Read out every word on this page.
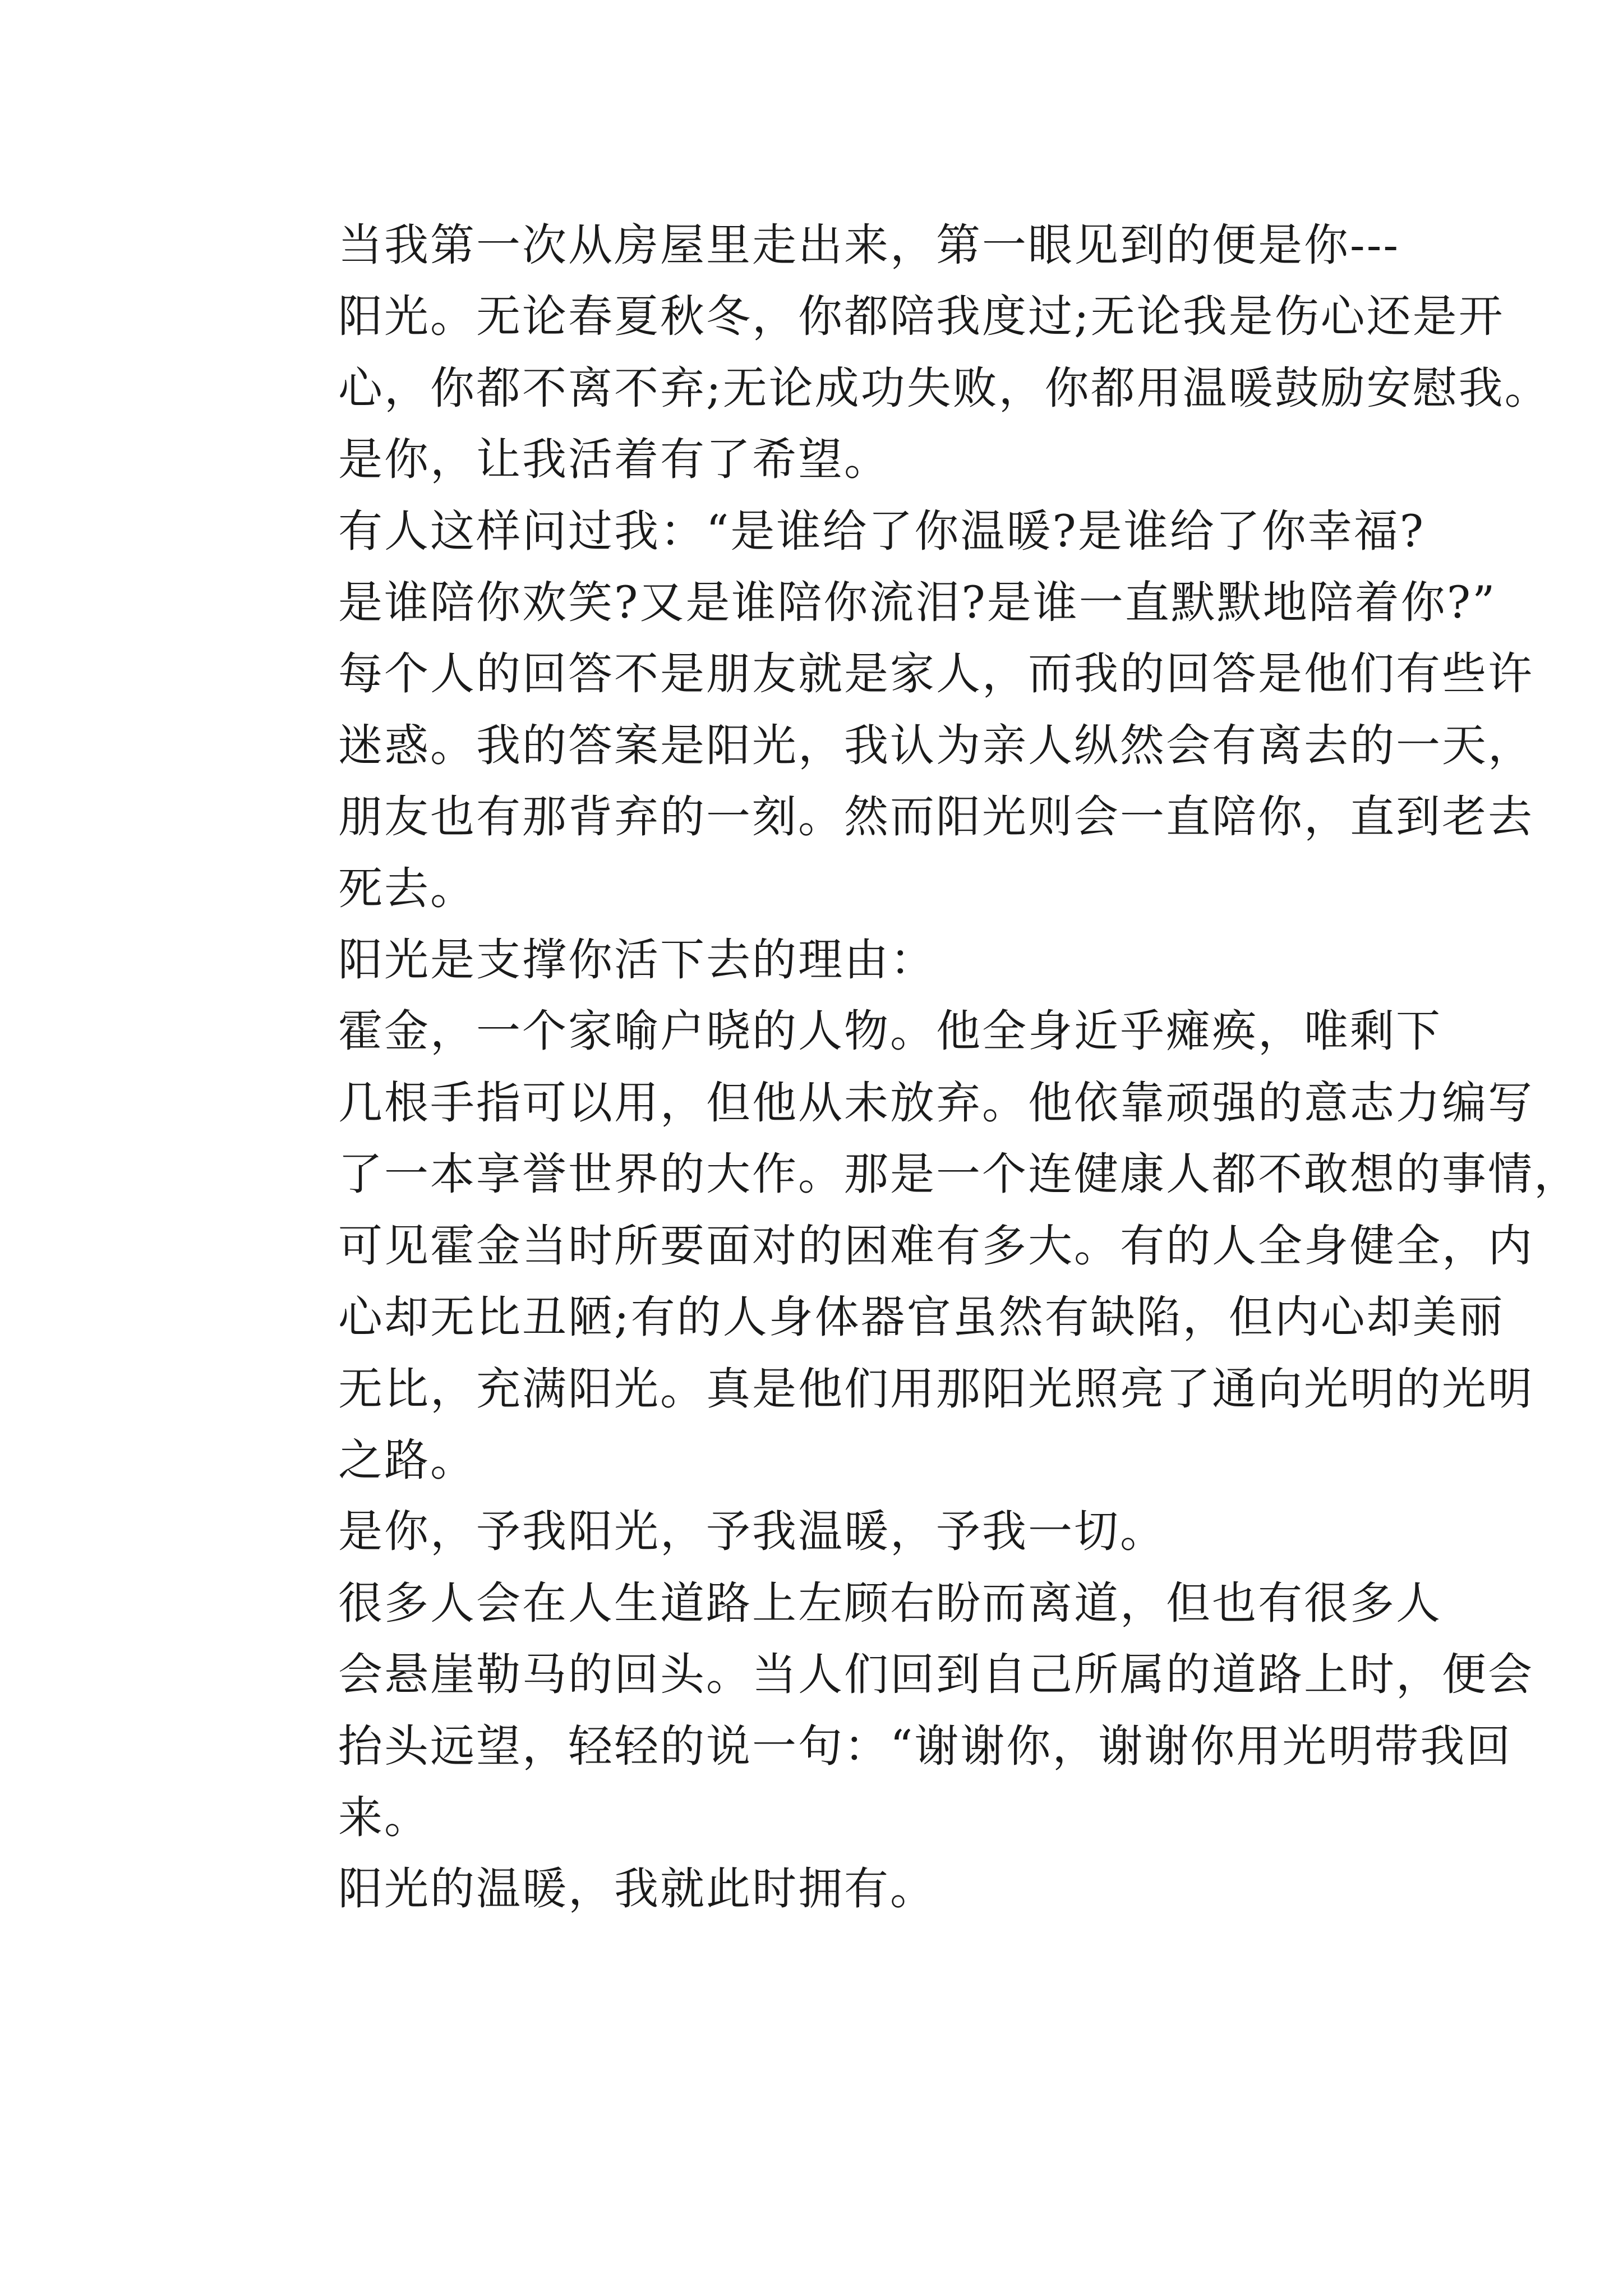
当我第一次从房屋里走出来，第一眼见到的便是你---
阳光。无论春夏秋冬，你都陪我度过;无论我是伤心还是开
心，你都不离不弃;无论成功失败，你都用温暖鼓励安慰我。
是你，让我活着有了希望。

有人这样问过我：“是谁给了你温暖?是谁给了你幸福?
是谁陪你欢笑?又是谁陪你流泪?是谁一直默默地陪着你?”
每个人的回答不是朋友就是家人，而我的回答是他们有些许
迷惑。我的答案是阳光，我认为亲人纵然会有离去的一天，
朋友也有那背弃的一刻。然而阳光则会一直陪你，直到老去
死去。

阳光是支撑你活下去的理由：

霍金，一个家喻户晓的人物。他全身近乎瘫痪，唯剩下
几根手指可以用，但他从未放弃。他依靠顽强的意志力编写
了一本享誉世界的大作。那是一个连健康人都不敢想的事情，
可见霍金当时所要面对的困难有多大。有的人全身健全，内
心却无比丑陋;有的人身体器官虽然有缺陷，但内心却美丽
无比，充满阳光。真是他们用那阳光照亮了通向光明的光明
之路。

是你，予我阳光，予我温暖，予我一切。

很多人会在人生道路上左顾右盼而离道，但也有很多人
会悬崖勒马的回头。当人们回到自己所属的道路上时，便会
抬头远望，轻轻的说一句：“谢谢你，谢谢你用光明带我回
来。

阳光的温暖，我就此时拥有。
